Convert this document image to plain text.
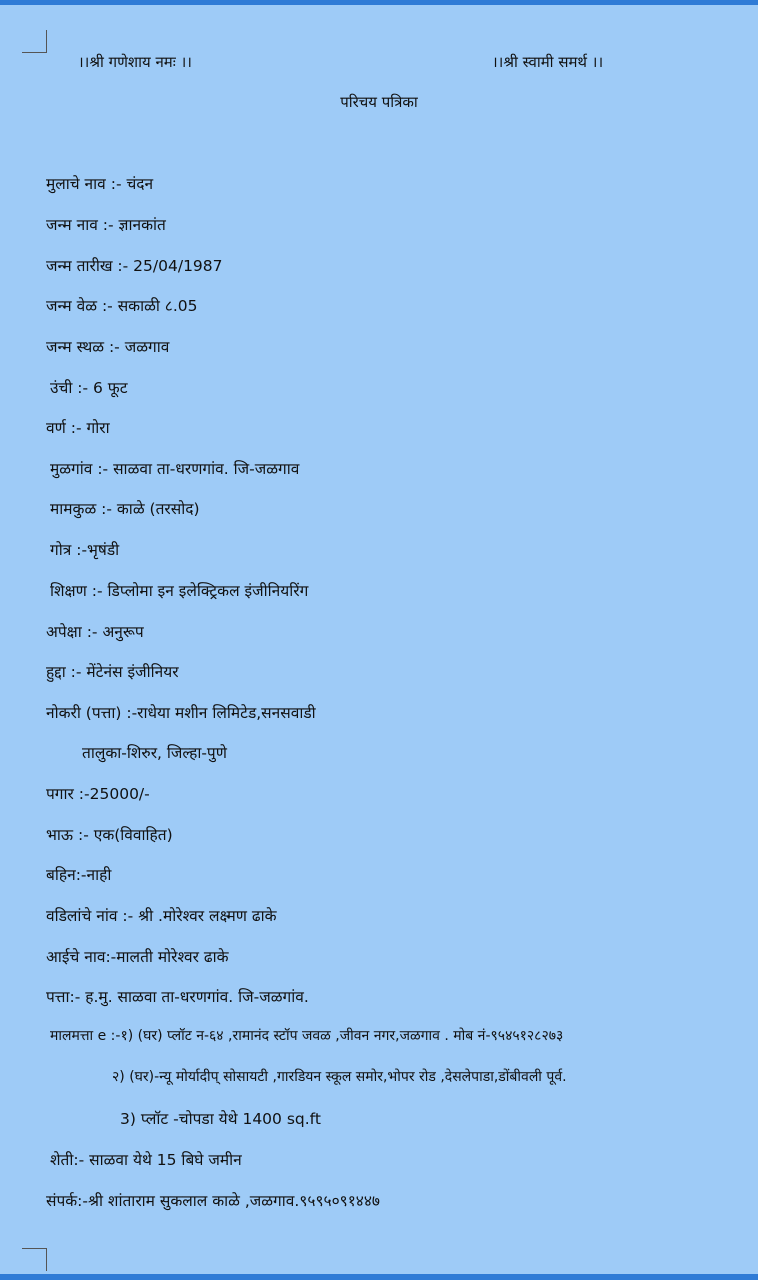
।।श्री गणेशाय नमः ।।	।।श्री स्वामी समर्थ ।।
परिचय पत्रिका
मुलाचे नाव :- चंदन
जन्म नाव :- ज्ञानकांत
जन्म तारीख :- 25/04/1987
जन्म वेळ :- सकाळी ८.05
जन्म स्थळ :- जळगाव
उंची :- 6 फूट
वर्ण :- गोरा
मुळगांव :- साळवा ता-धरणगांव. जि-जळगाव
मामकुळ :- काळे (तरसोद)
गोत्र :-भृषंडी
शिक्षण :- डिप्लोमा इन इलेक्ट्रिकल इंजीनियरिंग
अपेक्षा :- अनुरूप
हुद्दा :- मेंटेनंस इंजीनियर
नोकरी (पत्ता) :-राधेया मशीन लिमिटेड,सनसवाडी
तालुका-शिरुर, जिल्हा-पुणे
पगार :-25000/-
भाऊ :- एक(विवाहित)
बहिन:-नाही
वडिलांचे नांव :- श्री .मोरेश्वर लक्ष्मण ढाके
आईचे नाव:-मालती मोरेश्वर ढाके
पत्ता:- ह.मु. साळवा ता-धरणगांव. जि-जळगांव.
मालमत्ता e :-१) (घर) प्लॉट न-६४ ,रामानंद स्टॉप जवळ ,जीवन नगर,जळगाव . मोब नं-९५४५१२८२७३
२) (घर)-न्यू मोर्यादीप् सोसायटी ,गारडियन स्कूल समोर,भोपर रोड ,देसलेपाडा,डोंबीवली पूर्व.
3) प्लॉट -चोपडा येथे 1400 sq.ft
शेती:- साळवा येथे 15 बिघे जमीन
संपर्क:-श्री शांताराम सुकलाल काळे ,जळगाव.९५९५०९१४४७
